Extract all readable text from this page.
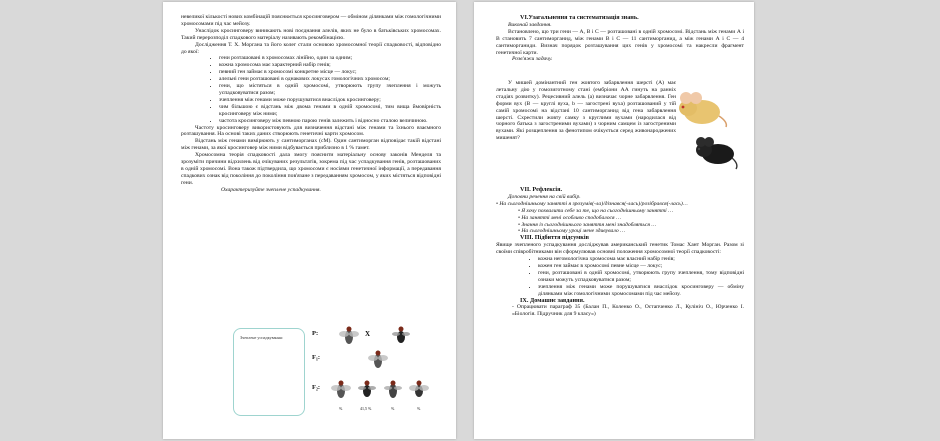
невеликої кількості нових комбінацій пояснюється кросинговером — обміном ділянками між гомологічними хромосомами під час мейозу.
Унаслідок кросинговеру виникають нові поєднання алелів, яких не було в батьківських хромосомах. Такий перерозподіл спадкового матеріалу називають рекомбінацією.
Дослідження Т. Х. Моргана та його колег стали основою хромосомної теорії спадковості, відповідно до якої:
• гени розташовані в хромосомах лінійно, один за одним;
• кожна хромосома має характерний набір генів;
• певний ген займає в хромосомі конкретне місце — локус;
• алельні гени розташовані в однакових локусах гомологічних хромосом;
• гени, що містяться в одній хромосомі, утворюють групу зчеплення і можуть успадковуватися разом;
• зчеплення між генами може порушуватися внаслідок кросинговеру;
• чим більшою є відстань між двома генами в одній хромосомі, тим вища ймовірність кросинговеру між ними;
• частота кросинговеру між певною парою генів залежить і відносно сталою величиною.
Частоту кросинговеру використовують для визначення відстані між генами та їхнього взаємного розташування. На основі таких даних створюють генетичні карти хромосом.
Відстань між генами вимірюють у сантиморганах (сМ). Один сантиморган відповідає такій відстані між генами, за якої кросинговер між ними відбувається приблизно в 1 % гамет.
Хромосомна теорія спадковості дала змогу пояснити матеріальну основу законів Менделя та зрозуміти причини відхилень від очікуваних результатів, зокрема під час успадкування генів, розташованих в одній хромосомі. Вона також підтвердила, що хромосоми є носіями генетичної інформації, а передавання спадкових ознак від покоління до покоління пов'язане з передаванням хромосом, у яких містяться відповідні гени.
Охарактеризуйте зчеплене успадкування.
Зчеплене успадкування:
P:
F₁:
F₂:
X
%	41,5 %	%	%
VI.Узагальнення та систематизація знань.
Виконай завдання.
Встановлено, що три гени — А, В і С — розташовані в одній хромосомі. Відстань між генами А і В становить 7 сантиморганид, між генами В і С — 11 сантиморганид, а між генами А і С — 4 сантиморганиди. Визнач порядок розташування цих генів у хромосомі та накресли фрагмент генетичної карти.
Розв'яжи задачу.
У мишей домінантний ген жовтого забарвлення шерсті (А) має летальну дію у гомозиготному стані (ембріони АА гинуть на ранніх стадіях розвитку). Рецесивний алель (а) визначає чорне забарвлення. Ген форми вух (В — круглі вуха, b — загострені вуха) розташований у тій самій хромосомі на відстані 10 сантиморганид від гена забарвлення шерсті. Схрестили жовту самку з круглими вухами (народилася від чорного батька з загостреними вухами) з чорним самцем із загостреними вухами. Які розщеплення за фенотипом очікується серед живонароджених мишенят?
VII. Рефлексія.
Доповни речення на свій вибір.
• На сьогоднішньому занятті я зрозумів(-ла)/дізнався(-лась)/розібрався(-лась)…
• Я хочу похвалити себе за те, що на сьогоднішньому занятті …
• На занятті мені особливо сподобалося …
• Знання із сьогоднішнього заняття мені знадобляться …
• На сьогоднішньому уроці мене здивувало …
VIII. Підбиття підсумків
Явище зчепленого успадкування досліджував американський генетик Томас Хант Морган. Разом зі своїми співробітниками він сформулював основні положення хромосомної теорії спадковості:
• кожна негомологічна хромосома має власний набір генів;
• кожен ген займає в хромосомі певне місце — локус;
• гени, розташовані в одній хромосомі, утворюють групу зчеплення, тому відповідні ознаки можуть успадковуватися разом;
• зчеплення між генами може порушуватися внаслідок кросинговеру — обміну ділянками між гомологічними хромосомами під час мейозу.
IX. Домашнє завдання.
- Опрацювати параграф 35 (Балан П., Коленко О., Остапченко Л., Кулініч О., Юрченко І. «Біологія. Підручник для 9 класу»)
